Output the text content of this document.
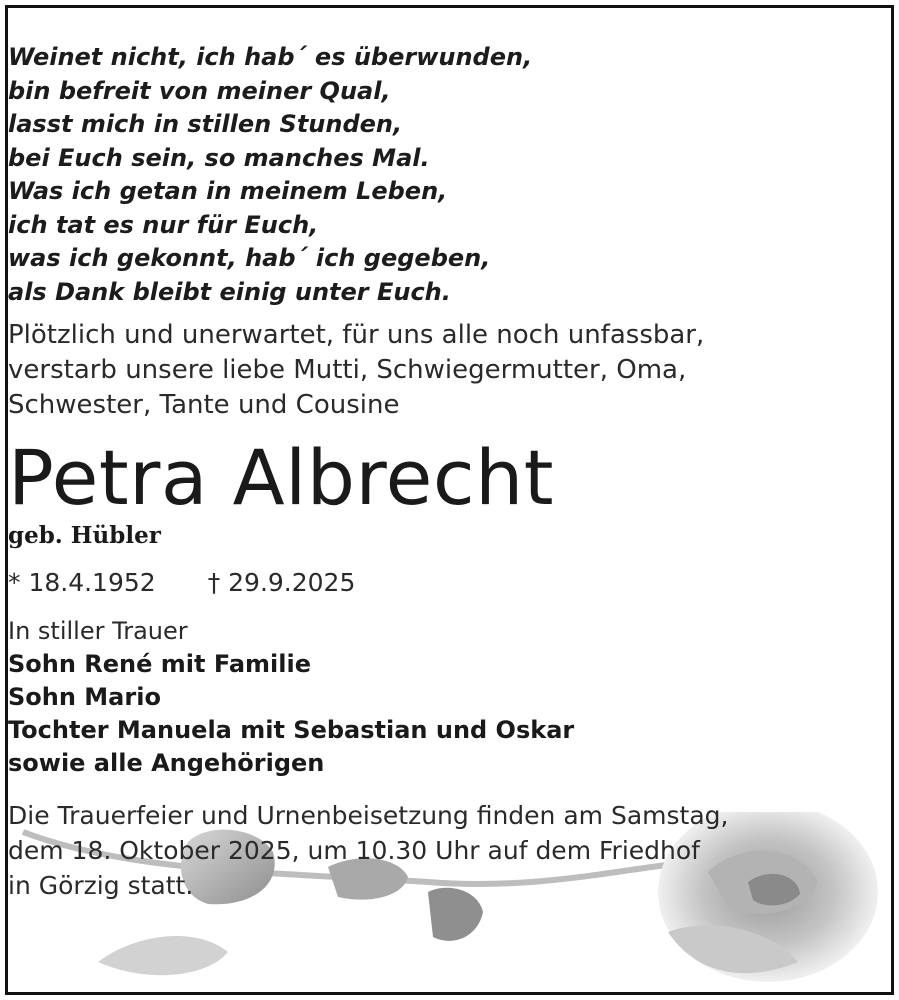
Weinet nicht, ich hab´ es überwunden,
bin befreit von meiner Qual,
lasst mich in stillen Stunden,
bei Euch sein, so manches Mal.
Was ich getan in meinem Leben,
ich tat es nur für Euch,
was ich gekonnt, hab´ ich gegeben,
als Dank bleibt einig unter Euch.
Plötzlich und unerwartet, für uns alle noch unfassbar,
verstarb unsere liebe Mutti, Schwiegermutter, Oma,
Schwester, Tante und Cousine
Petra Albrecht
geb. Hübler
* 18.4.1952 † 29.9.2025
In stiller Trauer
Sohn René mit Familie
Sohn Mario
Tochter Manuela mit Sebastian und Oskar
sowie alle Angehörigen
Die Trauerfeier und Urnenbeisetzung finden am Samstag,
dem 18. Oktober 2025, um 10.30 Uhr auf dem Friedhof
in Görzig statt.
